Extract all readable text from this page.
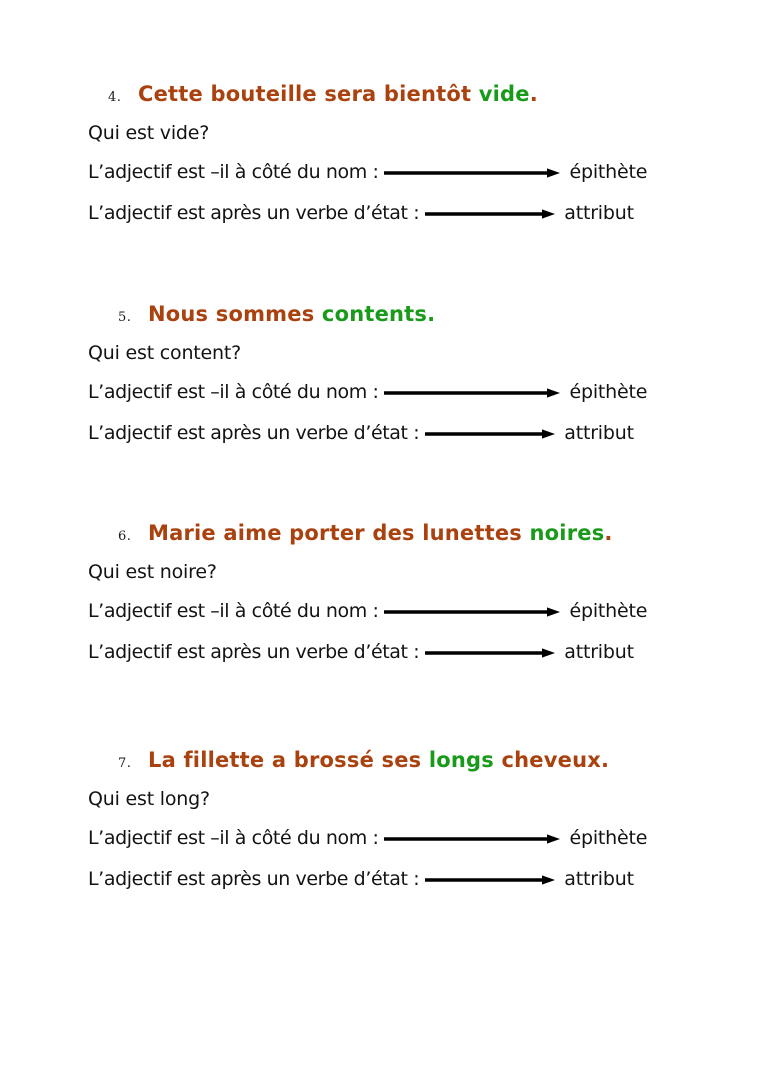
4. Cette bouteille sera bientôt vide.
Qui est vide?
L’adjectif est –il à côté du nom :	épithète
L’adjectif est après un verbe d’état :	attribut
5. Nous sommes contents.
Qui est content?
L’adjectif est –il à côté du nom :	épithète
L’adjectif est après un verbe d’état :	attribut
6. Marie aime porter des lunettes noires.
Qui est noire?
L’adjectif est –il à côté du nom :	épithète
L’adjectif est après un verbe d’état :	attribut
7. La fillette a brossé ses longs cheveux.
Qui est long?
L’adjectif est –il à côté du nom :	épithète
L’adjectif est après un verbe d’état :	attribut
